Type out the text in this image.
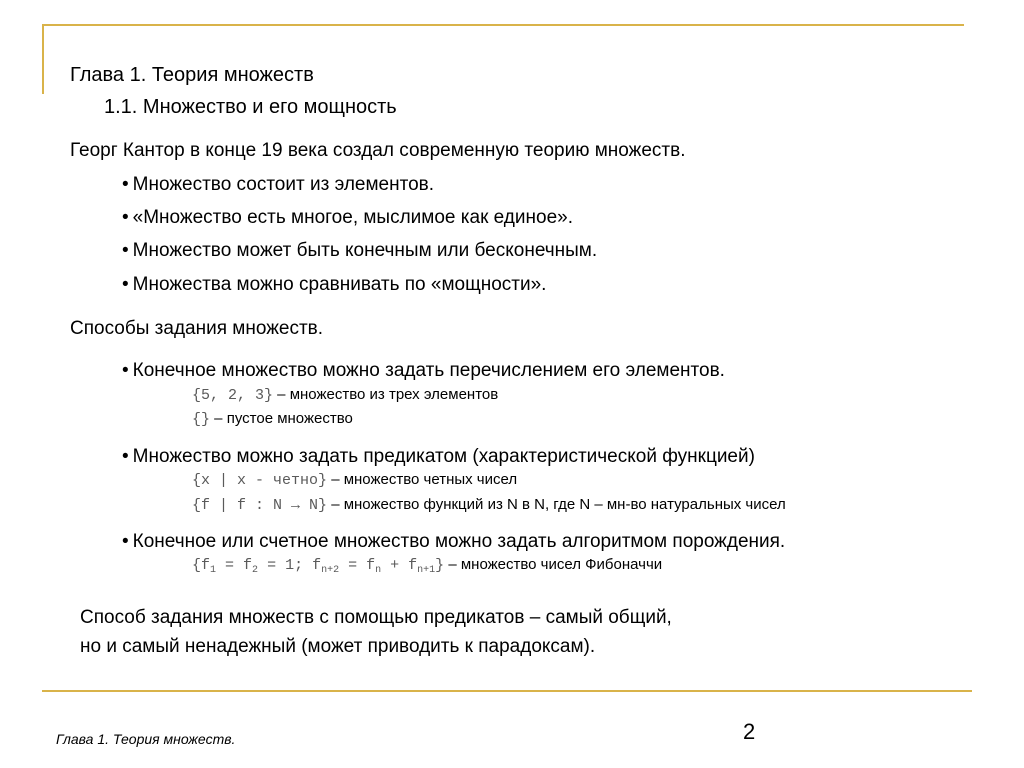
Глава 1. Теория множеств
1.1. Множество и его мощность
Георг Кантор в конце 19 века создал современную теорию множеств.
• Множество состоит из элементов.
• «Множество есть многое, мыслимое как единое».
• Множество может быть конечным или бесконечным.
• Множества можно сравнивать по «мощности».
Способы задания множеств.
• Конечное множество можно задать перечислением его элементов.
{5, 2, 3} – множество из трех элементов
{} – пустое множество
• Множество можно задать предикатом (характеристической функцией)
{x | x - четно} – множество четных чисел
{f | f : N → N} – множество функций из N в N, где N – мн-во натуральных чисел
• Конечное или счетное множество можно задать алгоритмом порождения.
{$f_1 = f_2 = 1$; $f_{n+2} = f_n + f_{n+1}$} – множество чисел Фибоначчи
Способ задания множеств с помощью предикатов – самый общий,
но и самый ненадежный (может приводить к парадоксам).
Глава 1. Теория множеств.	2
